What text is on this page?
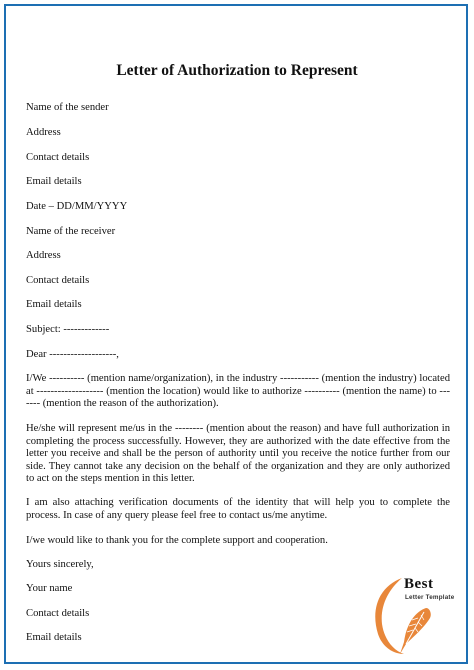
Letter of Authorization to Represent
Name of the sender
Address
Contact details
Email details
Date – DD/MM/YYYY
Name of the receiver
Address
Contact details
Email details
Subject: -------------
Dear -------------------,
I/We ---------- (mention name/organization), in the industry ----------- (mention the industry) located at ------------------- (mention the location) would like to authorize ---------- (mention the name) to ------- (mention the reason of the authorization).
He/she will represent me/us in the -------- (mention about the reason) and have full authorization in completing the process successfully. However, they are authorized with the date effective from the letter you receive and shall be the person of authority until you receive the notice further from our side. They cannot take any decision on the behalf of the organization and they are only authorized to act on the steps mention in this letter.
I am also attaching verification documents of the identity that will help you to complete the process. In case of any query please feel free to contact us/me anytime.
I/we would like to thank you for the complete support and cooperation.
Yours sincerely,
Your name
Contact details
Email details
Best
Letter Template
